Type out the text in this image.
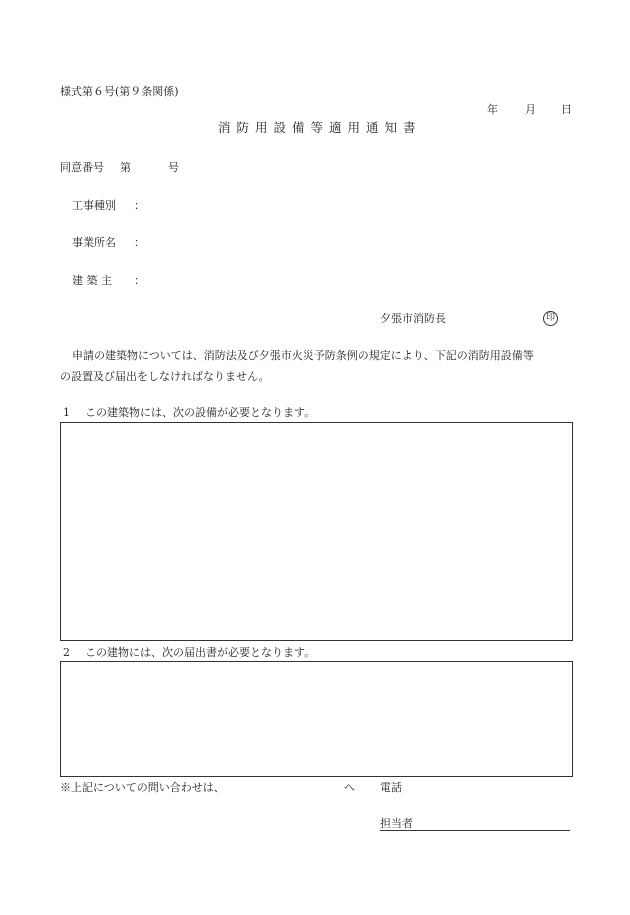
様式第６号(第９条関係)
年 月 日
消防用設備等適用通知書
同意番号 第	号
工事種別 ：
事業所名 ：
建 築 主 ：
夕張市消防長	印
申請の建築物については、消防法及び夕張市火災予防条例の規定により、下記の消防用設備等
の設置及び届出をしなければなりません。
1 この建築物には、次の設備が必要となります。
2 この建物には、次の届出書が必要となります。
※上記についての問い合わせは、	へ 電話
担当者
